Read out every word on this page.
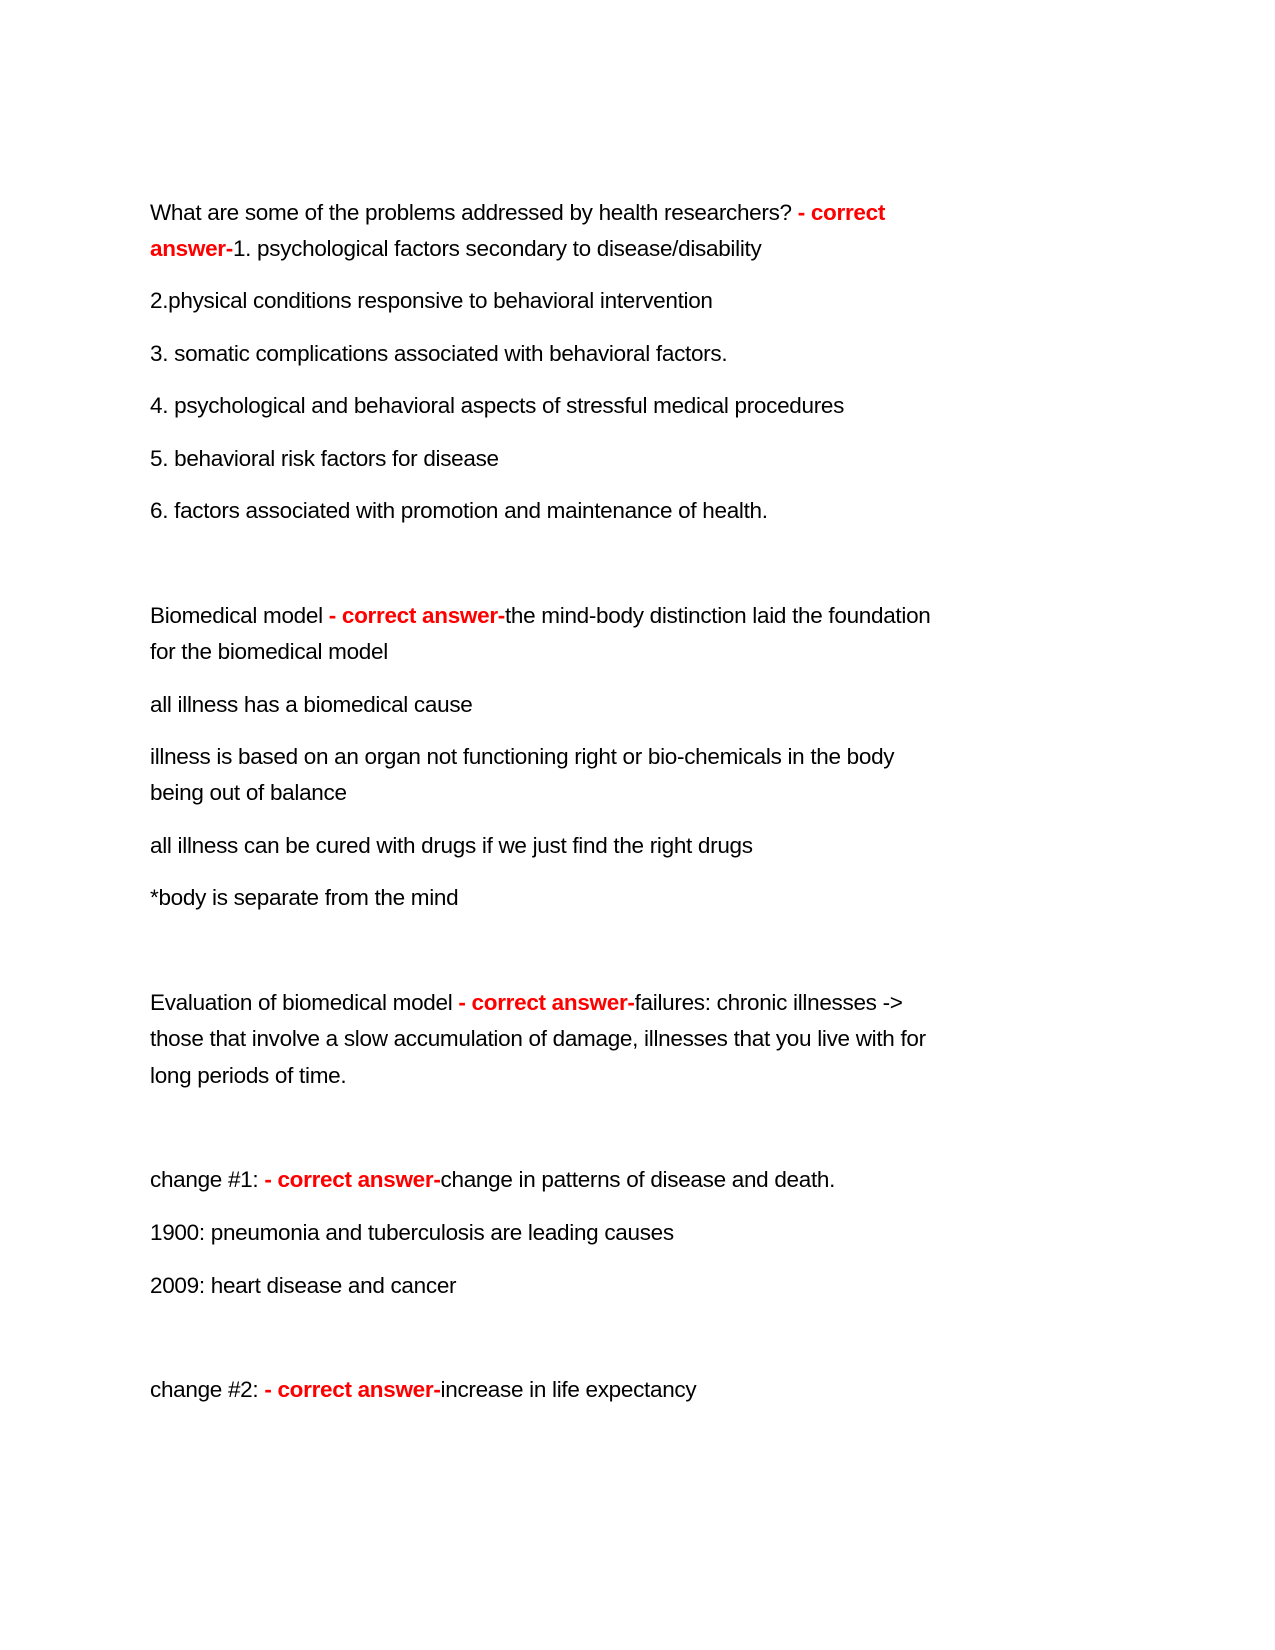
What are some of the problems addressed by health researchers? - correct
answer-1. psychological factors secondary to disease/disability
2.physical conditions responsive to behavioral intervention
3. somatic complications associated with behavioral factors.
4. psychological and behavioral aspects of stressful medical procedures
5. behavioral risk factors for disease
6. factors associated with promotion and maintenance of health.
Biomedical model - correct answer-the mind-body distinction laid the foundation
for the biomedical model
all illness has a biomedical cause
illness is based on an organ not functioning right or bio-chemicals in the body
being out of balance
all illness can be cured with drugs if we just find the right drugs
*body is separate from the mind
Evaluation of biomedical model - correct answer-failures: chronic illnesses ->
those that involve a slow accumulation of damage, illnesses that you live with for
long periods of time.
change #1: - correct answer-change in patterns of disease and death.
1900: pneumonia and tuberculosis are leading causes
2009: heart disease and cancer
change #2: - correct answer-increase in life expectancy
